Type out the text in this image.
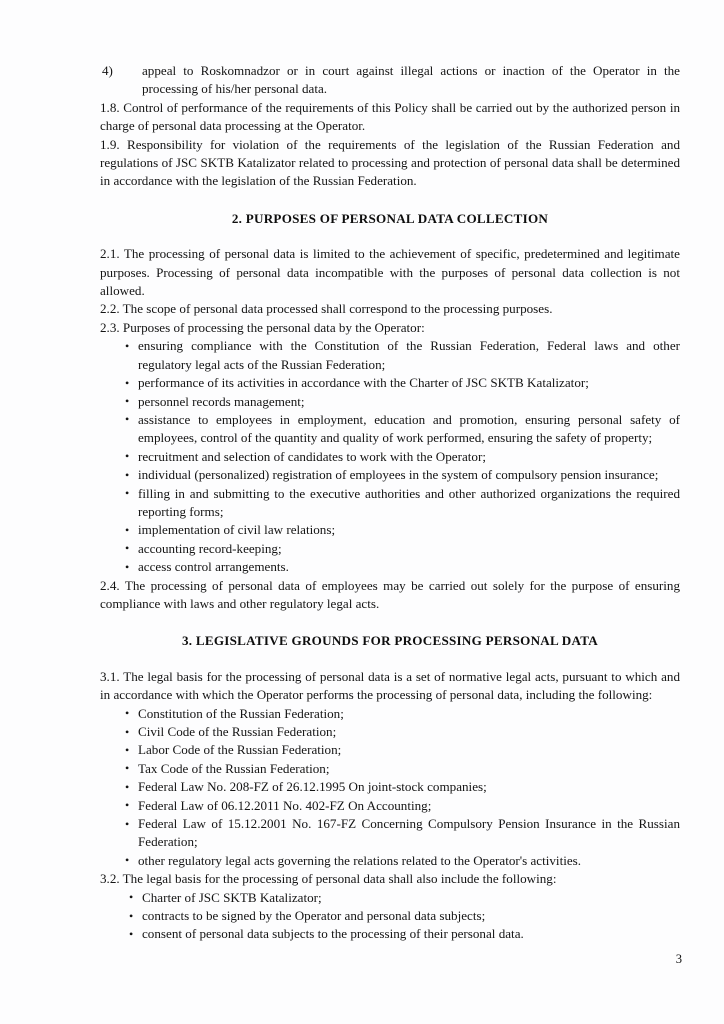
4) appeal to Roskomnadzor or in court against illegal actions or inaction of the Operator in the processing of his/her personal data.

1.8. Control of performance of the requirements of this Policy shall be carried out by the authorized person in charge of personal data processing at the Operator.

1.9. Responsibility for violation of the requirements of the legislation of the Russian Federation and regulations of JSC SKTB Katalizator related to processing and protection of personal data shall be determined in accordance with the legislation of the Russian Federation.

2. PURPOSES OF PERSONAL DATA COLLECTION

2.1. The processing of personal data is limited to the achievement of specific, predetermined and legitimate purposes. Processing of personal data incompatible with the purposes of personal data collection is not allowed.

2.2. The scope of personal data processed shall correspond to the processing purposes.

2.3. Purposes of processing the personal data by the Operator:

• ensuring compliance with the Constitution of the Russian Federation, Federal laws and other regulatory legal acts of the Russian Federation;
• performance of its activities in accordance with the Charter of JSC SKTB Katalizator;
• personnel records management;
• assistance to employees in employment, education and promotion, ensuring personal safety of employees, control of the quantity and quality of work performed, ensuring the safety of property;
• recruitment and selection of candidates to work with the Operator;
• individual (personalized) registration of employees in the system of compulsory pension insurance;
• filling in and submitting to the executive authorities and other authorized organizations the required reporting forms;
• implementation of civil law relations;
• accounting record-keeping;
• access control arrangements.

2.4. The processing of personal data of employees may be carried out solely for the purpose of ensuring compliance with laws and other regulatory legal acts.

3. LEGISLATIVE GROUNDS FOR PROCESSING PERSONAL DATA

3.1. The legal basis for the processing of personal data is a set of normative legal acts, pursuant to which and in accordance with which the Operator performs the processing of personal data, including the following:

• Constitution of the Russian Federation;
• Civil Code of the Russian Federation;
• Labor Code of the Russian Federation;
• Tax Code of the Russian Federation;
• Federal Law No. 208-FZ of 26.12.1995 On joint-stock companies;
• Federal Law of 06.12.2011 No. 402-FZ On Accounting;
• Federal Law of 15.12.2001 No. 167-FZ Concerning Compulsory Pension Insurance in the Russian Federation;
• other regulatory legal acts governing the relations related to the Operator's activities.

3.2. The legal basis for the processing of personal data shall also include the following:

• Charter of JSC SKTB Katalizator;
• contracts to be signed by the Operator and personal data subjects;
• consent of personal data subjects to the processing of their personal data.
3
